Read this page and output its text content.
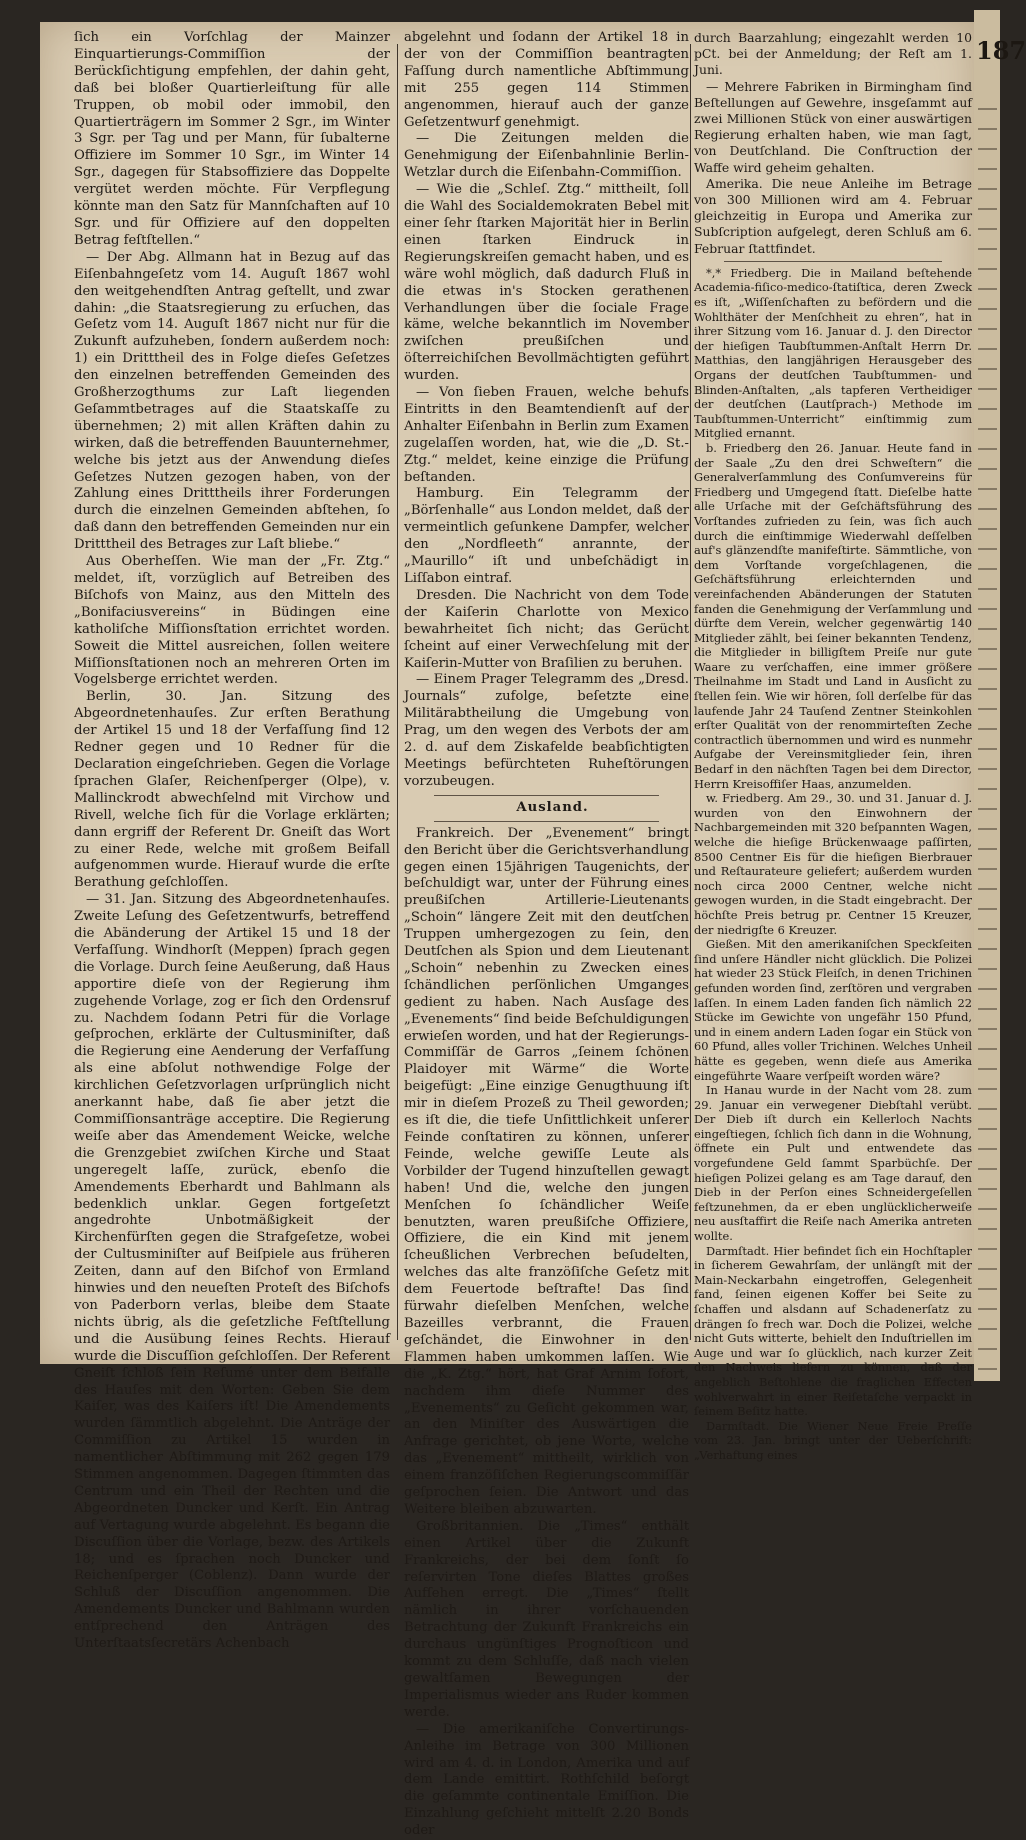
187

ſich ein Vorſchlag der Mainzer Einquartierungs-Commiſſion der Berückſichtigung empfehlen, der dahin geht, daß bei bloßer Quartierleiſtung für alle Truppen, ob mobil oder immobil, den Quartierträgern im Sommer 2 Sgr., im Winter 3 Sgr. per Tag und per Mann, für ſubalterne Offiziere im Sommer 10 Sgr., im Winter 14 Sgr., dagegen für Stabsoffiziere das Doppelte vergütet werden möchte. Für Verpflegung könnte man den Satz für Mannſchaften auf 10 Sgr. und für Offiziere auf den doppelten Betrag feſtſtellen.“

— Der Abg. Allmann hat in Bezug auf das Eiſenbahngeſetz vom 14. Auguſt 1867 wohl den weitgehendſten Antrag geſtellt, und zwar dahin: „die Staatsregierung zu erſuchen, das Geſetz vom 14. Auguſt 1867 nicht nur für die Zukunft aufzuheben, ſondern außerdem noch: 1) ein Dritttheil des in Folge dieſes Geſetzes den einzelnen betreffenden Gemeinden des Großherzogthums zur Laſt liegenden Geſammtbetrages auf die Staatskaſſe zu übernehmen; 2) mit allen Kräften dahin zu wirken, daß die betreffenden Bauunternehmer, welche bis jetzt aus der Anwendung dieſes Geſetzes Nutzen gezogen haben, von der Zahlung eines Dritttheils ihrer Forderungen durch die einzelnen Gemeinden abſtehen, ſo daß dann den betreffenden Gemeinden nur ein Dritttheil des Betrages zur Laſt bliebe.“

Aus Oberheſſen. Wie man der „Fr. Ztg.“ meldet, iſt, vorzüglich auf Betreiben des Biſchofs von Mainz, aus den Mitteln des „Bonifaciusvereins“ in Büdingen eine katholiſche Miſſionsſtation errichtet worden. Soweit die Mittel ausreichen, ſollen weitere Miſſionsſtationen noch an mehreren Orten im Vogelsberge errichtet werden.

Berlin, 30. Jan. Sitzung des Abgeordnetenhauſes. Zur erſten Berathung der Artikel 15 und 18 der Verfaſſung ſind 12 Redner gegen und 10 Redner für die Declaration eingeſchrieben. Gegen die Vorlage ſprachen Glaſer, Reichenſperger (Olpe), v. Mallinckrodt abwechſelnd mit Virchow und Rivell, welche ſich für die Vorlage erklärten; dann ergriff der Referent Dr. Gneiſt das Wort zu einer Rede, welche mit großem Beifall aufgenommen wurde. Hierauf wurde die erſte Berathung geſchloſſen.

— 31. Jan. Sitzung des Abgeordnetenhauſes. Zweite Leſung des Geſetzentwurfs, betreffend die Abänderung der Artikel 15 und 18 der Verfaſſung. Windhorſt (Meppen) ſprach gegen die Vorlage. Durch ſeine Aeußerung, daß Haus apportire dieſe von der Regierung ihm zugehende Vorlage, zog er ſich den Ordensruf zu. Nachdem ſodann Petri für die Vorlage geſprochen, erklärte der Cultusminiſter, daß die Regierung eine Aenderung der Verfaſſung als eine abſolut nothwendige Folge der kirchlichen Geſetzvorlagen urſprünglich nicht anerkannt habe, daß ſie aber jetzt die Commiſſionsanträge acceptire. Die Regierung weiſe aber das Amendement Weicke, welche die Grenzgebiet zwiſchen Kirche und Staat ungeregelt laſſe, zurück, ebenſo die Amendements Eberhardt und Bahlmann als bedenklich unklar. Gegen fortgeſetzt angedrohte Unbotmäßigkeit der Kirchenfürſten gegen die Strafgeſetze, wobei der Cultusminiſter auf Beiſpiele aus früheren Zeiten, dann auf den Biſchof von Ermland hinwies und den neueſten Proteſt des Biſchofs von Paderborn verlas, bleibe dem Staate nichts übrig, als die geſetzliche Feſtſtellung und die Ausübung ſeines Rechts. Hierauf wurde die Discuſſion geſchloſſen. Der Referent Gneiſt ſchloß ſein Reſumé unter dem Beifalle des Hauſes mit den Worten: Geben Sie dem Kaiſer, was des Kaiſers iſt! Die Amendements wurden ſämmtlich abgelehnt. Die Anträge der Commiſſion zu Artikel 15 wurden in namentlicher Abſtimmung mit 262 gegen 179 Stimmen angenommen. Dagegen ſtimmten das Centrum und ein Theil der Rechten und die Abgeordneten Duncker und Kerſt. Ein Antrag auf Vertagung wurde abgelehnt. Es begann die Discuſſion über die Vorlage, bezw. des Artikels 18; und es ſprachen noch Duncker und Reichenſperger (Coblenz). Dann wurde der Schluß der Discuſſion angenommen. Die Amendements Duncker und Bahlmann wurden entſprechend den Anträgen des Unterſtaatsſecretärs Achenbach

abgelehnt und ſodann der Artikel 18 in der von der Commiſſion beantragten Faſſung durch namentliche Abſtimmung mit 255 gegen 114 Stimmen angenommen, hierauf auch der ganze Geſetzentwurf genehmigt.

— Die Zeitungen melden die Genehmigung der Eiſenbahnlinie Berlin-Wetzlar durch die Eiſenbahn-Commiſſion.

— Wie die „Schleſ. Ztg.“ mittheilt, ſoll die Wahl des Socialdemokraten Bebel mit einer ſehr ſtarken Majorität hier in Berlin einen ſtarken Eindruck in Regierungskreiſen gemacht haben, und es wäre wohl möglich, daß dadurch Fluß in die etwas in's Stocken gerathenen Verhandlungen über die ſociale Frage käme, welche bekanntlich im November zwiſchen preußiſchen und öſterreichiſchen Bevollmächtigten geführt wurden.

— Von ſieben Frauen, welche behufs Eintritts in den Beamtendienſt auf der Anhalter Eiſenbahn in Berlin zum Examen zugelaſſen worden, hat, wie die „D. St.-Ztg.“ meldet, keine einzige die Prüfung beſtanden.

Hamburg. Ein Telegramm der „Börſenhalle“ aus London meldet, daß der vermeintlich geſunkene Dampfer, welcher den „Nordfleeth“ anrannte, der „Maurillo“ iſt und unbeſchädigt in Liſſabon eintraf.

Dresden. Die Nachricht von dem Tode der Kaiſerin Charlotte von Mexico bewahrheitet ſich nicht; das Gerücht ſcheint auf einer Verwechſelung mit der Kaiſerin-Mutter von Braſilien zu beruhen.

— Einem Prager Telegramm des „Dresd. Journals“ zufolge, beſetzte eine Militärabtheilung die Umgebung von Prag, um den wegen des Verbots der am 2. d. auf dem Ziskafelde beabſichtigten Meetings befürchteten Ruheſtörungen vorzubeugen.

Ausland.

Frankreich. Der „Evenement“ bringt den Bericht über die Gerichtsverhandlung gegen einen 15jährigen Taugenichts, der beſchuldigt war, unter der Führung eines preußiſchen Artillerie-Lieutenants „Schoin“ längere Zeit mit den deutſchen Truppen umhergezogen zu ſein, den Deutſchen als Spion und dem Lieutenant „Schoin“ nebenhin zu Zwecken eines ſchändlichen perſönlichen Umganges gedient zu haben. Nach Ausſage des „Evenements“ ſind beide Beſchuldigungen erwieſen worden, und hat der Regierungs-Commiſſär de Garros „ſeinem ſchönen Plaidoyer mit Wärme“ die Worte beigefügt: „Eine einzige Genugthuung iſt mir in dieſem Prozeß zu Theil geworden; es iſt die, die tiefe Unſittlichkeit unſerer Feinde conſtatiren zu können, unſerer Feinde, welche gewiſſe Leute als Vorbilder der Tugend hinzuſtellen gewagt haben! Und die, welche den jungen Menſchen ſo ſchändlicher Weiſe benutzten, waren preußiſche Offiziere, Offiziere, die ein Kind mit jenem ſcheußlichen Verbrechen beſudelten, welches das alte franzöſiſche Geſetz mit dem Feuertode beſtrafte! Das ſind fürwahr dieſelben Menſchen, welche Bazeilles verbrannt, die Frauen geſchändet, die Einwohner in den Flammen haben umkommen laſſen. Wie die „K. Ztg.“ hört, hat Graf Arnim ſofort, nachdem ihm dieſe Nummer des „Evenements“ zu Geſicht gekommen war, an den Miniſter des Auswärtigen die Anfrage gerichtet, ob jene Worte, welche das „Evenement“ mittheilt, wirklich von einem franzöſiſchen Regierungscommiſſär geſprochen ſeien. Die Antwort und das Weitere bleiben abzuwarten.

Großbritannien. Die „Times“ enthält einen Artikel über die Zukunft Frankreichs, der bei dem ſonſt ſo reſervirten Tone dieſes Blattes großes Aufſehen erregt. Die „Times“ ſtellt nämlich in ihrer vorſchauenden Betrachtung der Zukunft Frankreichs ein durchaus ungünſtiges Prognoſticon und kommt zu dem Schluſſe, daß nach vielen gewaltſamen Bewegungen der Imperialismus wieder ans Ruder kommen werde.

— Die amerikaniſche Convertirungs-Anleihe im Betrage von 300 Millionen wird am 4. d. in London, Amerika und auf dem Lande emittirt. Rothſchild beſorgt die geſammte continentale Emiſſion. Die Einzahlung geſchieht mittelſt 2.20 Bonds oder

durch Baarzahlung; eingezahlt werden 10 pCt. bei der Anmeldung; der Reſt am 1. Juni.

— Mehrere Fabriken in Birmingham ſind Beſtellungen auf Gewehre, insgeſammt auf zwei Millionen Stück von einer auswärtigen Regierung erhalten haben, wie man ſagt, von Deutſchland. Die Conſtruction der Waffe wird geheim gehalten.

Amerika. Die neue Anleihe im Betrage von 300 Millionen wird am 4. Februar gleichzeitig in Europa und Amerika zur Subſcription aufgelegt, deren Schluß am 6. Februar ſtattfindet.

*,* Friedberg. Die in Mailand beſtehende Academia-fiſico-medico-ſtatiſtica, deren Zweck es iſt, „Wiſſenſchaften zu befördern und die Wohlthäter der Menſchheit zu ehren“, hat in ihrer Sitzung vom 16. Januar d. J. den Director der hieſigen Taubſtummen-Anſtalt Herrn Dr. Matthias, den langjährigen Herausgeber des Organs der deutſchen Taubſtummen- und Blinden-Anſtalten, „als tapferen Vertheidiger der deutſchen (Lautſprach-) Methode im Taubſtummen-Unterricht“ einſtimmig zum Mitglied ernannt.

b. Friedberg den 26. Januar. Heute fand in der Saale „Zu den drei Schweſtern“ die Generalverſammlung des Conſumvereins für Friedberg und Umgegend ſtatt. Dieſelbe hatte alle Urſache mit der Geſchäftsführung des Vorſtandes zufrieden zu ſein, was ſich auch durch die einſtimmige Wiederwahl deſſelben auf's glänzendſte manifeſtirte. Sämmtliche, von dem Vorſtande vorgeſchlagenen, die Geſchäftsführung erleichternden und vereinfachenden Abänderungen der Statuten fanden die Genehmigung der Verſammlung und dürfte dem Verein, welcher gegenwärtig 140 Mitglieder zählt, bei ſeiner bekannten Tendenz, die Mitglieder in billigſtem Preiſe nur gute Waare zu verſchaffen, eine immer größere Theilnahme im Stadt und Land in Ausſicht zu ſtellen ſein. Wie wir hören, ſoll derſelbe für das laufende Jahr 24 Tauſend Zentner Steinkohlen erſter Qualität von der renommirteſten Zeche contractlich übernommen und wird es nunmehr Aufgabe der Vereinsmitglieder ſein, ihren Bedarf in den nächſten Tagen bei dem Director, Herrn Kreisoffiſer Haas, anzumelden.

w. Friedberg. Am 29., 30. und 31. Januar d. J. wurden von den Einwohnern der Nachbargemeinden mit 320 beſpannten Wagen, welche die hieſige Brückenwaage paſſirten, 8500 Centner Eis für die hieſigen Bierbrauer und Reſtaurateure geliefert; außerdem wurden noch circa 2000 Centner, welche nicht gewogen wurden, in die Stadt eingebracht. Der höchſte Preis betrug pr. Centner 15 Kreuzer, der niedrigſte 6 Kreuzer.

Gießen. Mit den amerikaniſchen Speckſeiten ſind unſere Händler nicht glücklich. Die Polizei hat wieder 23 Stück Fleiſch, in denen Trichinen gefunden worden ſind, zerſtören und vergraben laſſen. In einem Laden fanden ſich nämlich 22 Stücke im Gewichte von ungefähr 150 Pfund, und in einem andern Laden ſogar ein Stück von 60 Pfund, alles voller Trichinen. Welches Unheil hätte es gegeben, wenn dieſe aus Amerika eingeführte Waare verſpeiſt worden wäre?

In Hanau wurde in der Nacht vom 28. zum 29. Januar ein verwegener Diebſtahl verübt. Der Dieb iſt durch ein Kellerloch Nachts eingeſtiegen, ſchlich ſich dann in die Wohnung, öffnete ein Pult und entwendete das vorgefundene Geld ſammt Sparbüchſe. Der hieſigen Polizei gelang es am Tage darauf, den Dieb in der Perſon eines Schneidergeſellen feſtzunehmen, da er eben unglücklicherweiſe neu ausſtaffirt die Reiſe nach Amerika antreten wollte.

Darmſtadt. Hier befindet ſich ein Hochſtapler in ſicherem Gewahrſam, der unlängſt mit der Main-Neckarbahn eingetroffen, Gelegenheit fand, ſeinen eigenen Koffer bei Seite zu ſchaffen und alsdann auf Schadenerſatz zu drängen ſo frech war. Doch die Polizei, welche nicht Guts witterte, behielt den Induſtriellen im Auge und war ſo glücklich, nach kurzer Zeit den Nachweis liefern zu können, daß der angeblich Beſtohlene die fraglichen Effecten wohlverwahrt in einer Reiſetaſche verpackt in ſeinem Beſitz hatte.

Darmſtadt. Die Wiener Neue Freie Preſſe vom 23. Jan. bringt unter der Ueberſchrift: „Verhaftung eines
